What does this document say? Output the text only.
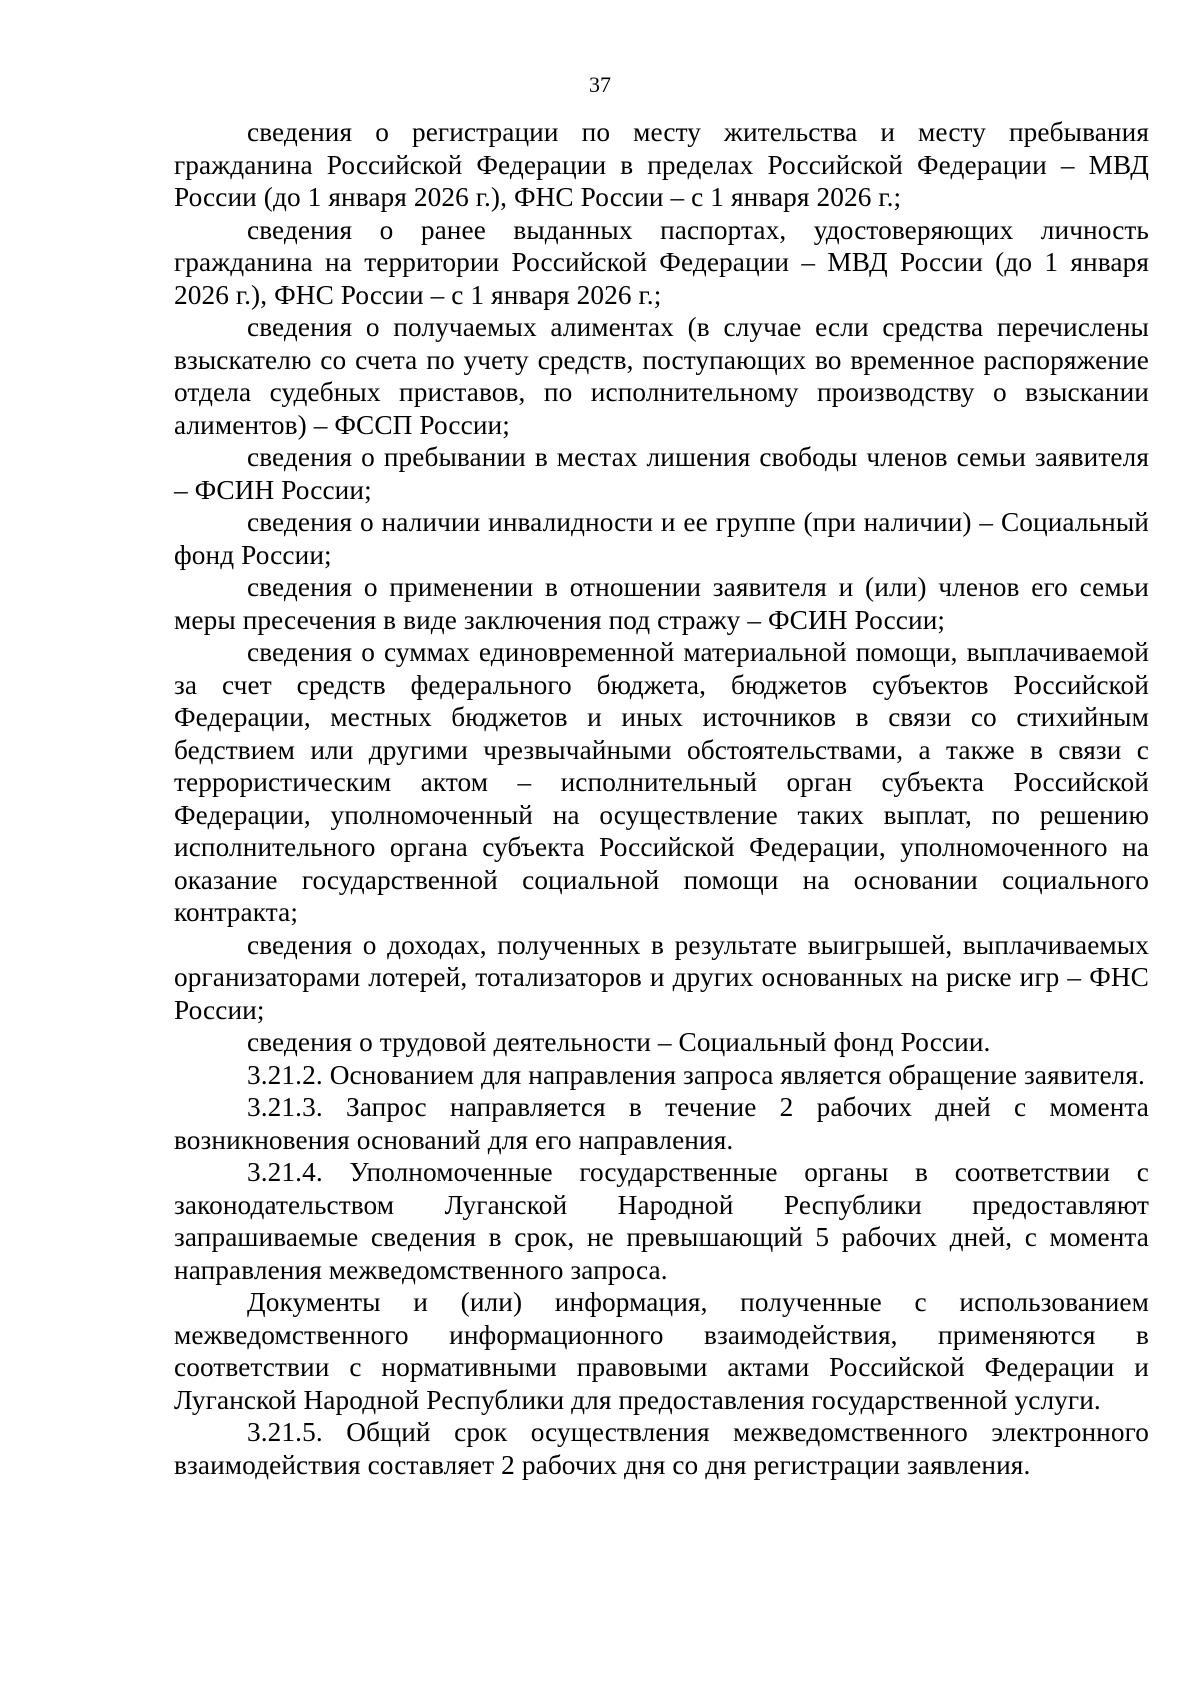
37

сведения о регистрации по месту жительства и месту пребывания гражданина Российской Федерации в пределах Российской Федерации – МВД России (до 1 января 2026 г.), ФНС России – с 1 января 2026 г.;

сведения о ранее выданных паспортах, удостоверяющих личность гражданина на территории Российской Федерации – МВД России (до 1 января 2026 г.), ФНС России – с 1 января 2026 г.;

сведения о получаемых алиментах (в случае если средства перечислены взыскателю со счета по учету средств, поступающих во временное распоряжение отдела судебных приставов, по исполнительному производству о взыскании алиментов) – ФССП России;

сведения о пребывании в местах лишения свободы членов семьи заявителя – ФСИН России;

сведения о наличии инвалидности и ее группе (при наличии) – Социальный фонд России;

сведения о применении в отношении заявителя и (или) членов его семьи меры пресечения в виде заключения под стражу – ФСИН России;

сведения о суммах единовременной материальной помощи, выплачиваемой за счет средств федерального бюджета, бюджетов субъектов Российской Федерации, местных бюджетов и иных источников в связи со стихийным бедствием или другими чрезвычайными обстоятельствами, а также в связи с террористическим актом – исполнительный орган субъекта Российской Федерации, уполномоченный на осуществление таких выплат, по решению исполнительного органа субъекта Российской Федерации, уполномоченного на оказание государственной социальной помощи на основании социального контракта;

сведения о доходах, полученных в результате выигрышей, выплачиваемых организаторами лотерей, тотализаторов и других основанных на риске игр – ФНС России;

сведения о трудовой деятельности – Социальный фонд России.

3.21.2. Основанием для направления запроса является обращение заявителя.

3.21.3. Запрос направляется в течение 2 рабочих дней с момента возникновения оснований для его направления.

3.21.4. Уполномоченные государственные органы в соответствии с законодательством Луганской Народной Республики предоставляют запрашиваемые сведения в срок, не превышающий 5 рабочих дней, с момента направления межведомственного запроса.

Документы и (или) информация, полученные с использованием межведомственного информационного взаимодействия, применяются в соответствии с нормативными правовыми актами Российской Федерации и Луганской Народной Республики для предоставления государственной услуги.

3.21.5. Общий срок осуществления межведомственного электронного взаимодействия составляет 2 рабочих дня со дня регистрации заявления.
